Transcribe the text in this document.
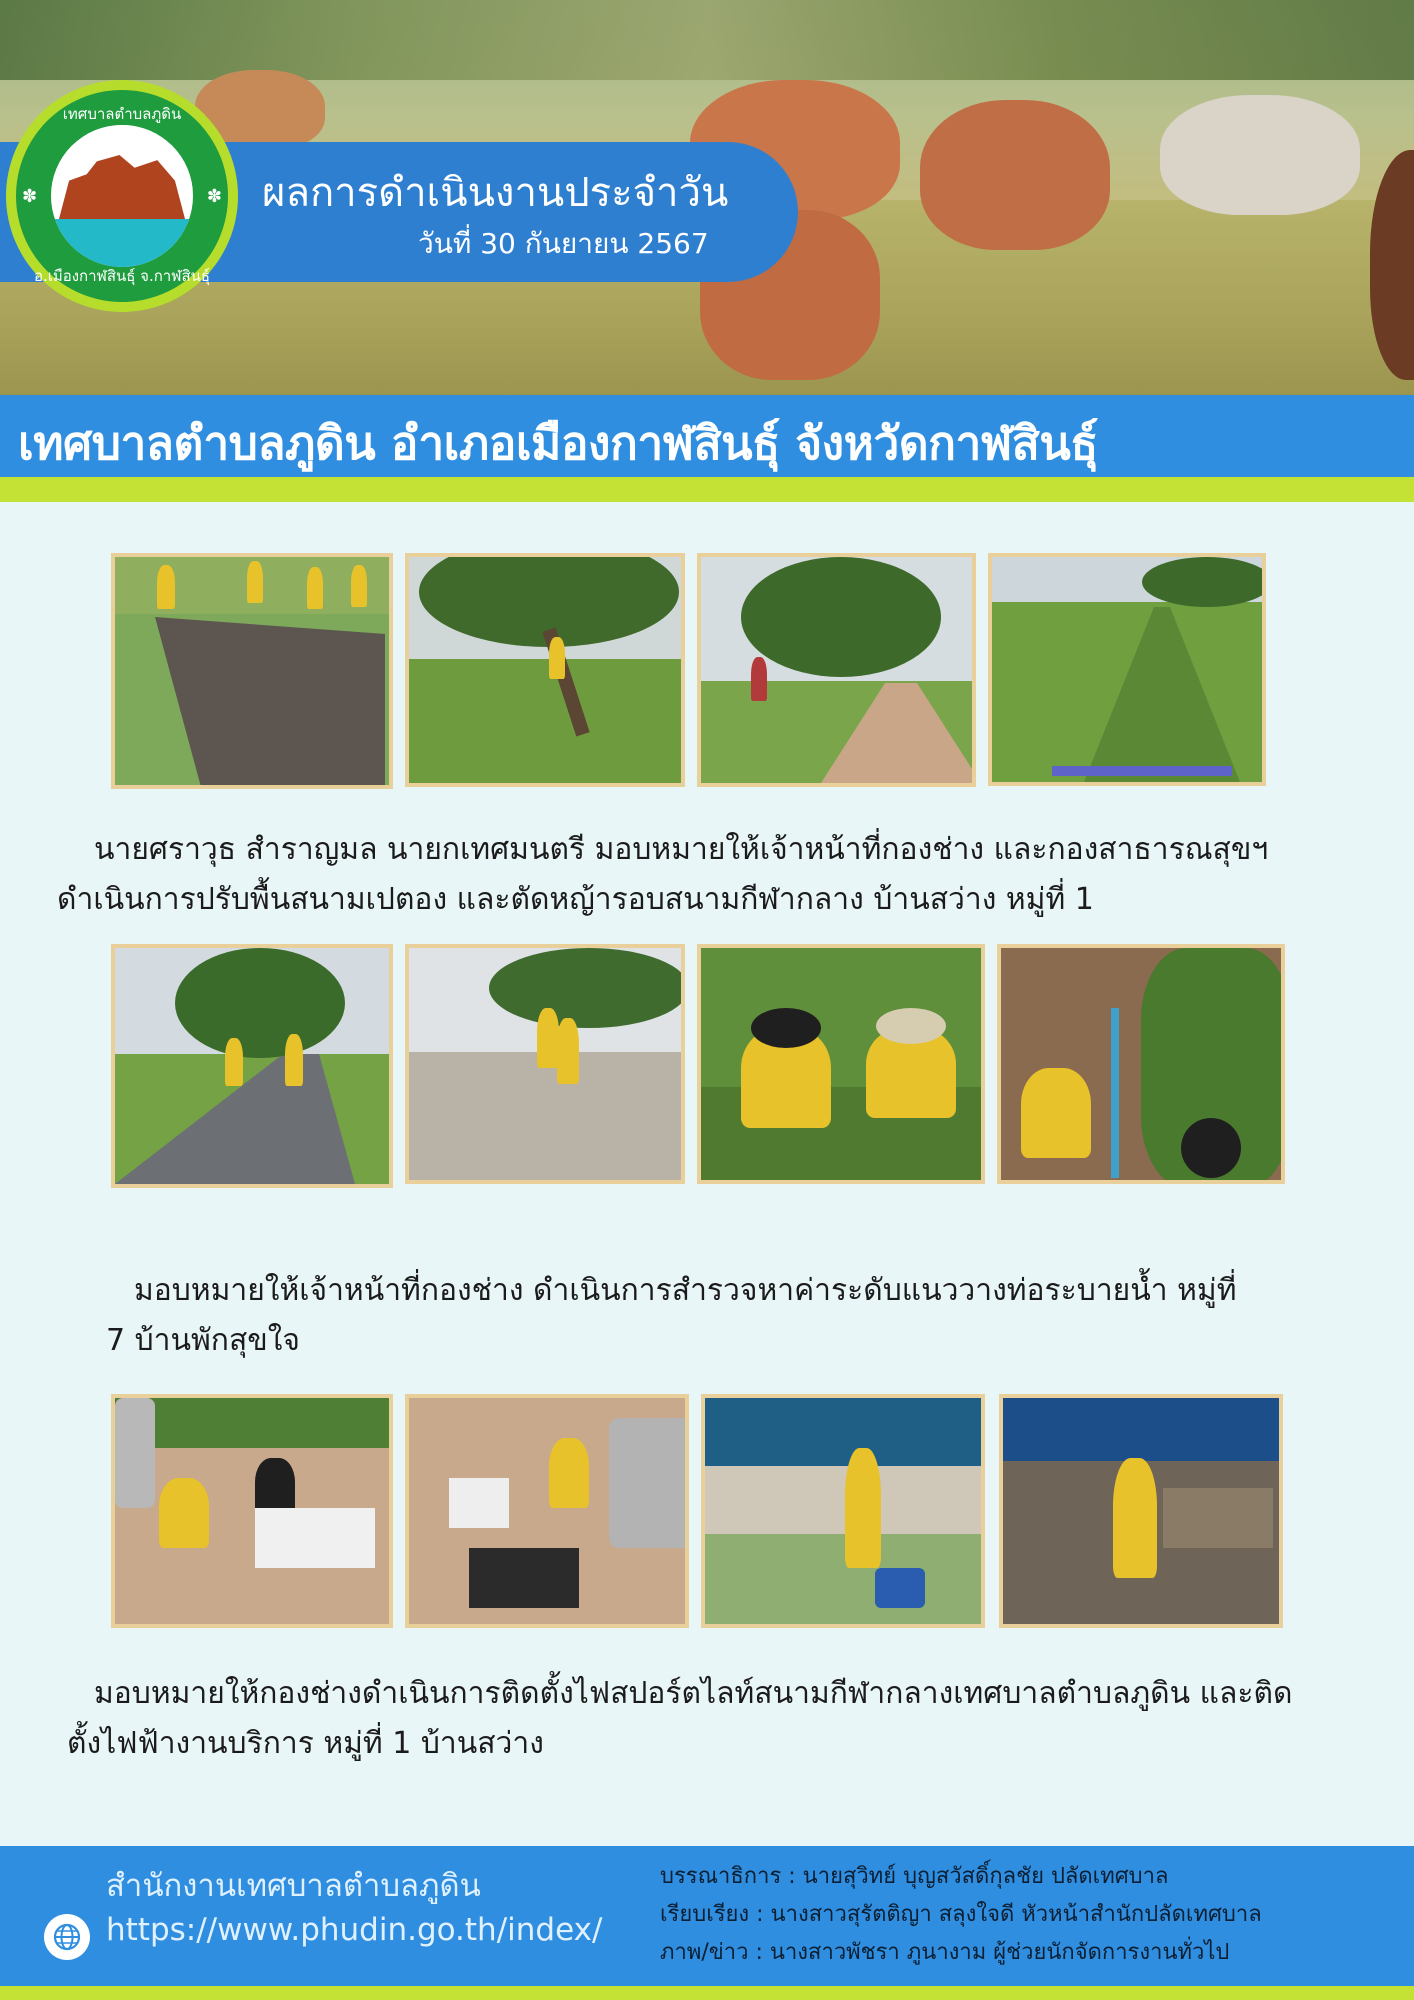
ผลการดำเนินงานประจำวัน
วันที่ 30 กันยายน 2567
เทศบาลตำบลภูดิน
✽	✽
อ.เมืองกาฬสินธุ์ จ.กาฬสินธุ์
เทศบาลตำบลภูดิน อำเภอเมืองกาฬสินธุ์ จังหวัดกาฬสินธุ์
นายศราวุธ สำราญมล นายกเทศมนตรี มอบหมายให้เจ้าหน้าที่กองช่าง และกองสาธารณสุขฯ
ดำเนินการปรับพื้นสนามเปตอง และตัดหญ้ารอบสนามกีฬากลาง บ้านสว่าง หมู่ที่ 1
มอบหมายให้เจ้าหน้าที่กองช่าง ดำเนินการสำรวจหาค่าระดับแนววางท่อระบายน้ำ หมู่ที่
7 บ้านพักสุขใจ
มอบหมายให้กองช่างดำเนินการติดตั้งไฟสปอร์ตไลท์สนามกีฬากลางเทศบาลตำบลภูดิน และติด
ตั้งไฟฟ้างานบริการ หมู่ที่ 1 บ้านสว่าง
สำนักงานเทศบาลตำบลภูดิน
https://www.phudin.go.th/index/
บรรณาธิการ : นายสุวิทย์ บุญสวัสดิ์กุลชัย ปลัดเทศบาล
เรียบเรียง : นางสาวสุรัตติญา สลุงใจดี หัวหน้าสำนักปลัดเทศบาล
ภาพ/ข่าว : นางสาวพัชรา ภูนางาม ผู้ช่วยนักจัดการงานทั่วไป
